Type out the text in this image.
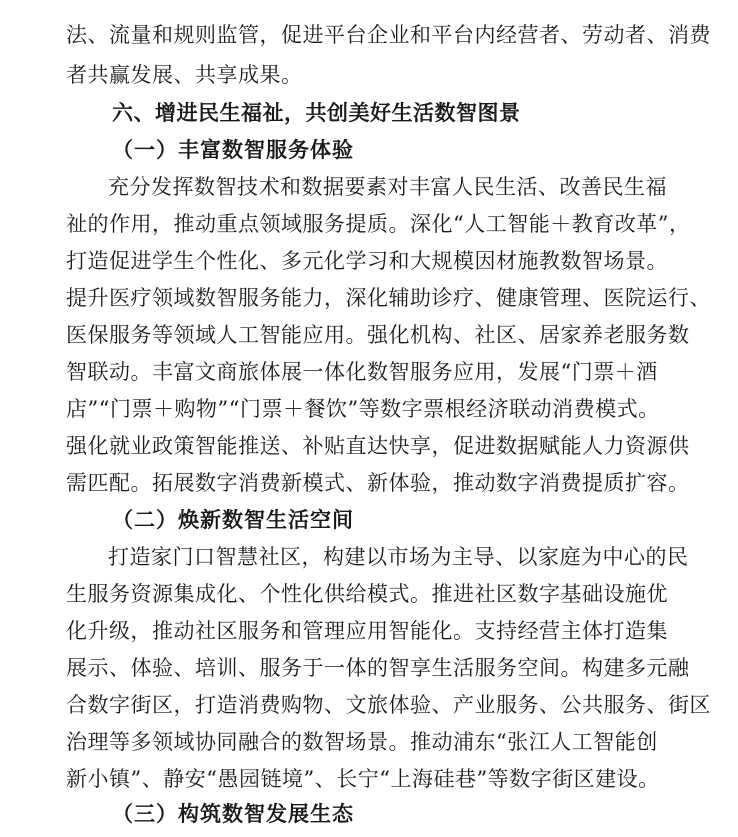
法、流量和规则监管，促进平台企业和平台内经营者、劳动者、消费
者共赢发展、共享成果。
六、增进民生福祉，共创美好生活数智图景
（一）丰富数智服务体验
充分发挥数智技术和数据要素对丰富人民生活、改善民生福
祉的作用，推动重点领域服务提质。深化“人工智能＋教育改革”，
打造促进学生个性化、多元化学习和大规模因材施教数智场景。
提升医疗领域数智服务能力，深化辅助诊疗、健康管理、医院运行、
医保服务等领域人工智能应用。强化机构、社区、居家养老服务数
智联动。丰富文商旅体展一体化数智服务应用，发展“门票＋酒
店”“门票＋购物”“门票＋餐饮”等数字票根经济联动消费模式。
强化就业政策智能推送、补贴直达快享，促进数据赋能人力资源供
需匹配。拓展数字消费新模式、新体验，推动数字消费提质扩容。
（二）焕新数智生活空间
打造家门口智慧社区，构建以市场为主导、以家庭为中心的民
生服务资源集成化、个性化供给模式。推进社区数字基础设施优
化升级，推动社区服务和管理应用智能化。支持经营主体打造集
展示、体验、培训、服务于一体的智享生活服务空间。构建多元融
合数字街区，打造消费购物、文旅体验、产业服务、公共服务、街区
治理等多领域协同融合的数智场景。推动浦东“张江人工智能创
新小镇”、静安“愚园链境”、长宁“上海硅巷”等数字街区建设。
（三）构筑数智发展生态
